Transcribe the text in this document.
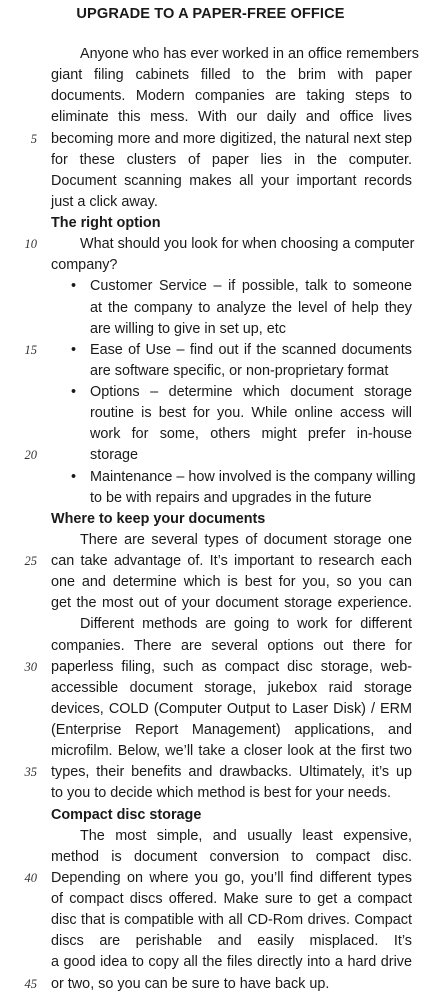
UPGRADE TO A PAPER-FREE OFFICE
Anyone who has ever worked in an office remembers
giant filing cabinets filled to the brim with paper
documents. Modern companies are taking steps to
eliminate this mess. With our daily and office lives
5 becoming more and more digitized, the natural next step
for these clusters of paper lies in the computer.
Document scanning makes all your important records
just a click away.
The right option
10	What should you look for when choosing a computer
company?
• Customer Service – if possible, talk to someone
at the company to analyze the level of help they
are willing to give in set up, etc
15 • Ease of Use – find out if the scanned documents
are software specific, or non-proprietary format
• Options – determine which document storage
routine is best for you. While online access will
work for some, others might prefer in-house
20	storage
• Maintenance – how involved is the company willing
to be with repairs and upgrades in the future
Where to keep your documents
There are several types of document storage one
25 can take advantage of. It’s important to research each
one and determine which is best for you, so you can
get the most out of your document storage experience.
Different methods are going to work for different
companies. There are several options out there for
30 paperless filing, such as compact disc storage, web-
accessible document storage, jukebox raid storage
devices, COLD (Computer Output to Laser Disk) / ERM
(Enterprise Report Management) applications, and
microfilm. Below, we’ll take a closer look at the first two
35 types, their benefits and drawbacks. Ultimately, it’s up
to you to decide which method is best for your needs.
Compact disc storage
The most simple, and usually least expensive,
method is document conversion to compact disc.
40 Depending on where you go, you’ll find different types
of compact discs offered. Make sure to get a compact
disc that is compatible with all CD-Rom drives. Compact
discs are perishable and easily misplaced. It’s
a good idea to copy all the files directly into a hard drive
45 or two, so you can be sure to have back up.
